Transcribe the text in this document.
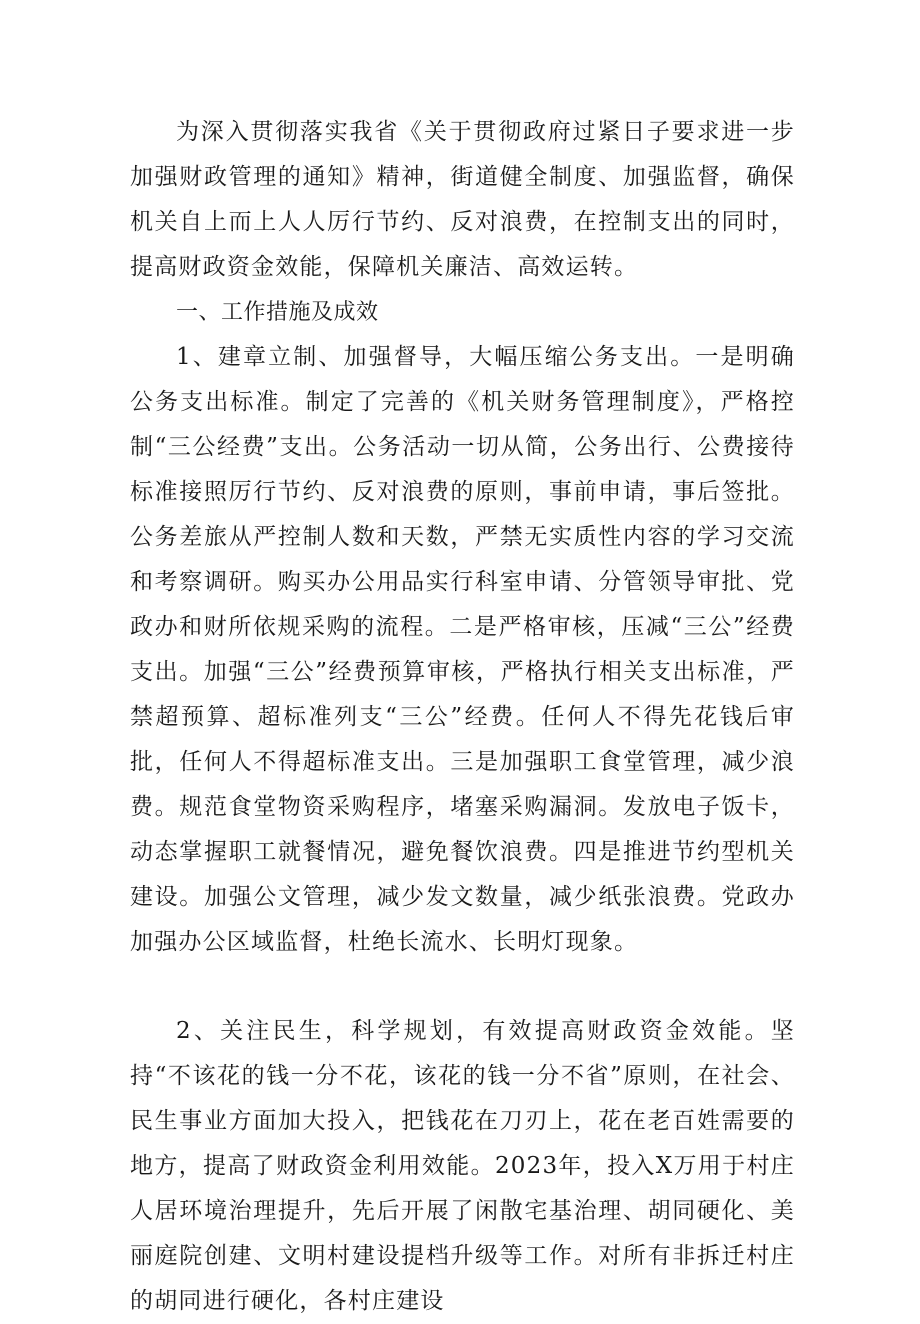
为深入贯彻落实我省《关于贯彻政府过紧日子要求进一步加强财政管理的通知》精神，街道健全制度、加强监督，确保机关自上而上人人厉行节约、反对浪费，在控制支出的同时，提高财政资金效能，保障机关廉洁、高效运转。

一、工作措施及成效

1、建章立制、加强督导，大幅压缩公务支出。一是明确公务支出标准。制定了完善的《机关财务管理制度》，严格控制“三公经费”支出。公务活动一切从简，公务出行、公费接待标准接照厉行节约、反对浪费的原则，事前申请，事后签批。公务差旅从严控制人数和天数，严禁无实质性内容的学习交流和考察调研。购买办公用品实行科室申请、分管领导审批、党政办和财所依规采购的流程。二是严格审核，压减“三公”经费支出。加强“三公”经费预算审核，严格执行相关支出标准，严禁超预算、超标准列支“三公”经费。任何人不得先花钱后审批，任何人不得超标准支出。三是加强职工食堂管理，减少浪费。规范食堂物资采购程序，堵塞采购漏洞。发放电子饭卡，动态掌握职工就餐情况，避免餐饮浪费。四是推进节约型机关建设。加强公文管理，减少发文数量，减少纸张浪费。党政办加强办公区域监督，杜绝长流水、长明灯现象。

2、关注民生，科学规划，有效提高财政资金效能。坚持“不该花的钱一分不花，该花的钱一分不省”原则，在社会、民生事业方面加大投入，把钱花在刀刃上，花在老百姓需要的地方，提高了财政资金利用效能。2023年，投入X万用于村庄人居环境治理提升，先后开展了闲散宅基治理、胡同硬化、美丽庭院创建、文明村建设提档升级等工作。对所有非拆迁村庄的胡同进行硬化，各村庄建设
